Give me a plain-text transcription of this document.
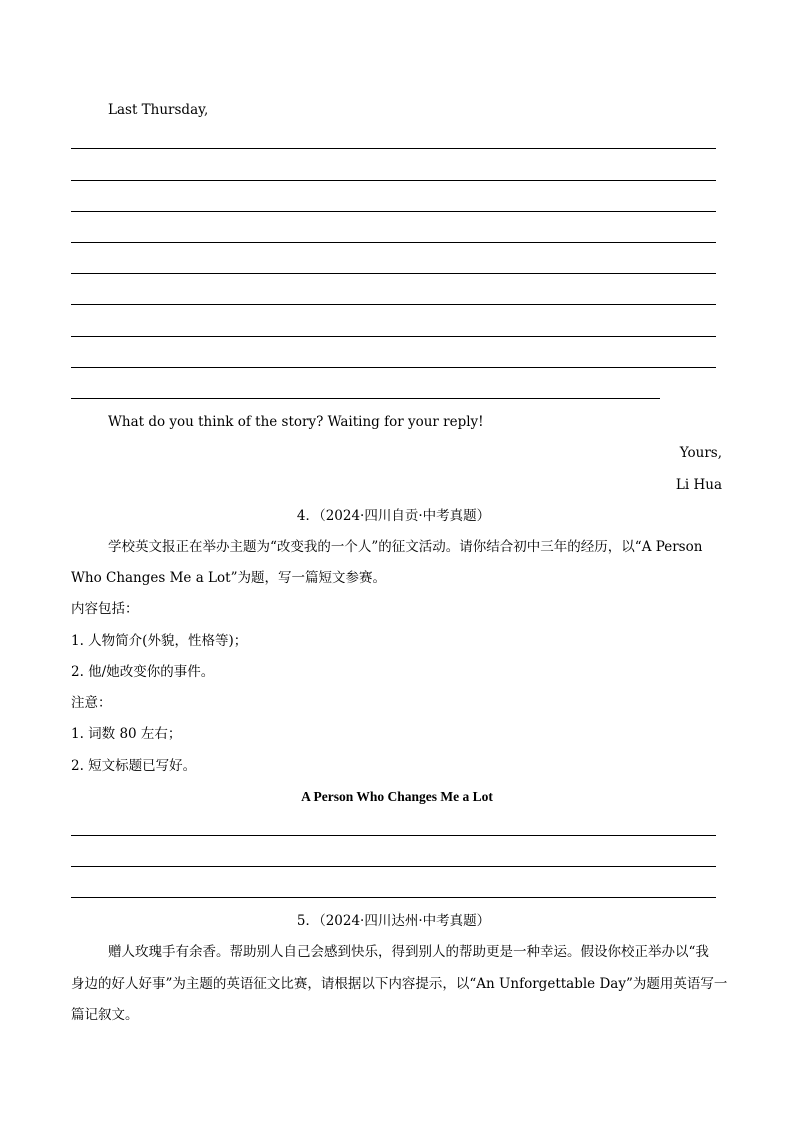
Last Thursday,
What do you think of the story? Waiting for your reply!
Yours,
Li Hua
4．（2024·四川自贡·中考真题）
学校英文报正在举办主题为“改变我的一个人”的征文活动。请你结合初中三年的经历，以“A Person
Who Changes Me a Lot”为题，写一篇短文参赛。
内容包括：
1. 人物简介(外貌，性格等)；
2. 他/她改变你的事件。
注意：
1. 词数 80 左右；
2. 短文标题已写好。
A Person Who Changes Me a Lot
5．（2024·四川达州·中考真题）
赠人玫瑰手有余香。帮助别人自己会感到快乐，得到别人的帮助更是一种幸运。假设你校正举办以“我
身边的好人好事”为主题的英语征文比赛，请根据以下内容提示，以“An Unforgettable Day”为题用英语写一
篇记叙文。
